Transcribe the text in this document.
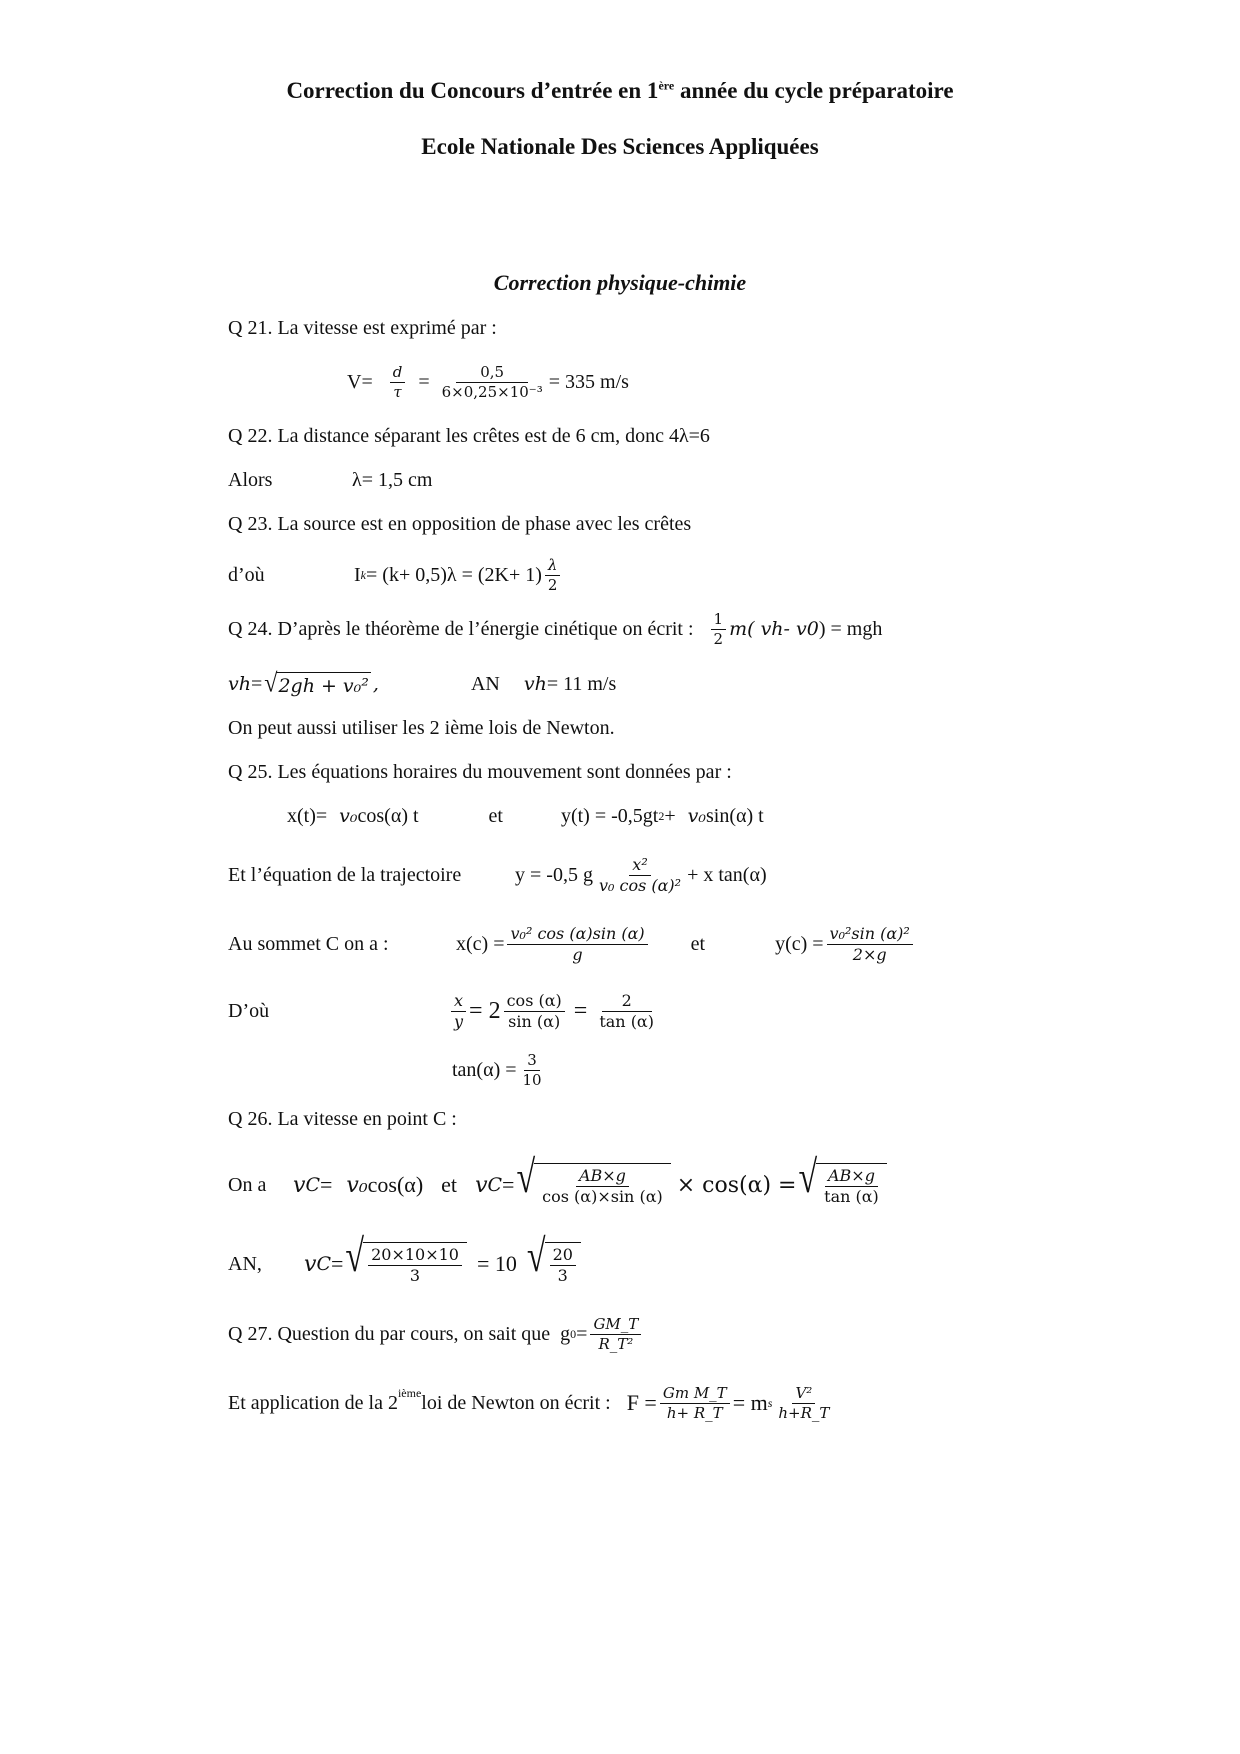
Correction du Concours d’entrée en 1ère année du cycle préparatoire
Ecole Nationale Des Sciences Appliquées
Correction physique-chimie
Q 21. La vitesse est exprimé par :
$V= \frac{d}{\tau} = \frac{0,5}{\text{6×0,25×10⁻³}} = 335$ m/s
Q 22. La distance séparant les crêtes est de 6 cm, donc 4λ=6
Alors	λ= 1,5 cm
Q 23. La source est en opposition de phase avec les crêtes
d’où	I $k = (k+ 0,5)\lambda = (2K+ 1) \frac{\lambda}{2}$
Q 24. D’après le théorème de l’énergie cinétique on écrit : $\frac{1}{2} m$( v h - v 0 ) = mgh
v h = √ 2gh + v₀² ,	AN v h = 11 m/s
On peut aussi utiliser les 2 ième lois de Newton.
Q 25. Les équations horaires du mouvement sont données par :
x(t)= v₀ cos(α) t	et	y(t) = -0,5gt 2 + v₀ sin(α) t
Et l’équation de la trajectoire	y = -0,5 g $\frac{\text{x²}}{\text{v₀ cos (α)²}} + x$ tan(α)
Au sommet C on a :	$x(c) = \frac{\text{v₀² cos (α)sin (α)}}{g}$ et	$y(c) = \frac{\text{v₀²sin (α)²}}{2\times g}$
D’où	$\frac{x}{y} = 2 \frac{\cos (\alpha)}{\sin (\alpha)} = \frac{2}{\tan (\alpha)}$
$\tan(\alpha) = \frac{3}{10}$
Q 26. La vitesse en point C :
On a	v C = v₀ cos(α) et v C = √ $\frac{AB\times g}{\cos (\alpha)\times\sin (\alpha)} \times \cos(\alpha)$ = √ $\frac{AB\times g}{\tan (\alpha)}$
AN,	v C = √ $\frac{20\times 10\times 10}{3} = 10$ √ $\frac{20}{3}$
Q 27. Question du par cours, on sait que g $0 = \frac{GM\_T}{\text{R\_T²}}$
Et application de la 2ième loi de Newton on écrit : $F = \frac{\text{Gm M\_T}}{h+ R\_T} = m$ s $\frac{\text{V²}}{h+R\_T}$
